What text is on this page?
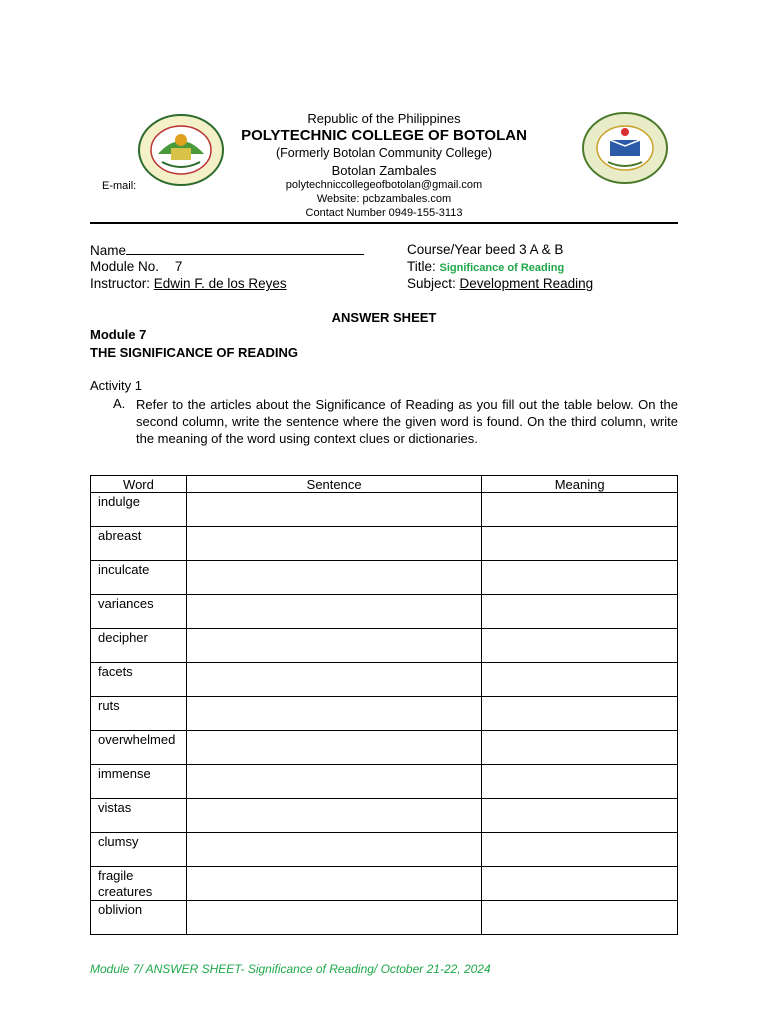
Republic of the Philippines
POLYTECHNIC COLLEGE OF BOTOLAN
(Formerly Botolan Community College)
Botolan Zambales
E-mail:	polytechniccollegeofbotolan@gmail.com
Website: pcbzambales.com
Contact Number 0949-155-3113
Name
Module No. 7
Instructor: Edwin F. de los Reyes
Course/Year beed 3 A & B
Title: Significance of Reading
Subject: Development Reading
ANSWER SHEET
Module 7
THE SIGNIFICANCE OF READING
Activity 1
A. Refer to the articles about the Significance of Reading as you fill out the table below. On the second column, write the sentence where the given word is found. On the third column, write the meaning of the word using context clues or dictionaries.
Word	Sentence	Meaning
indulge		
abreast		
inculcate		
variances		
decipher		
facets		
ruts		
overwhelmed		
immense		
vistas		
clumsy		
fragile creatures		
oblivion		
Module 7/ ANSWER SHEET- Significance of Reading/ October 21-22, 2024
